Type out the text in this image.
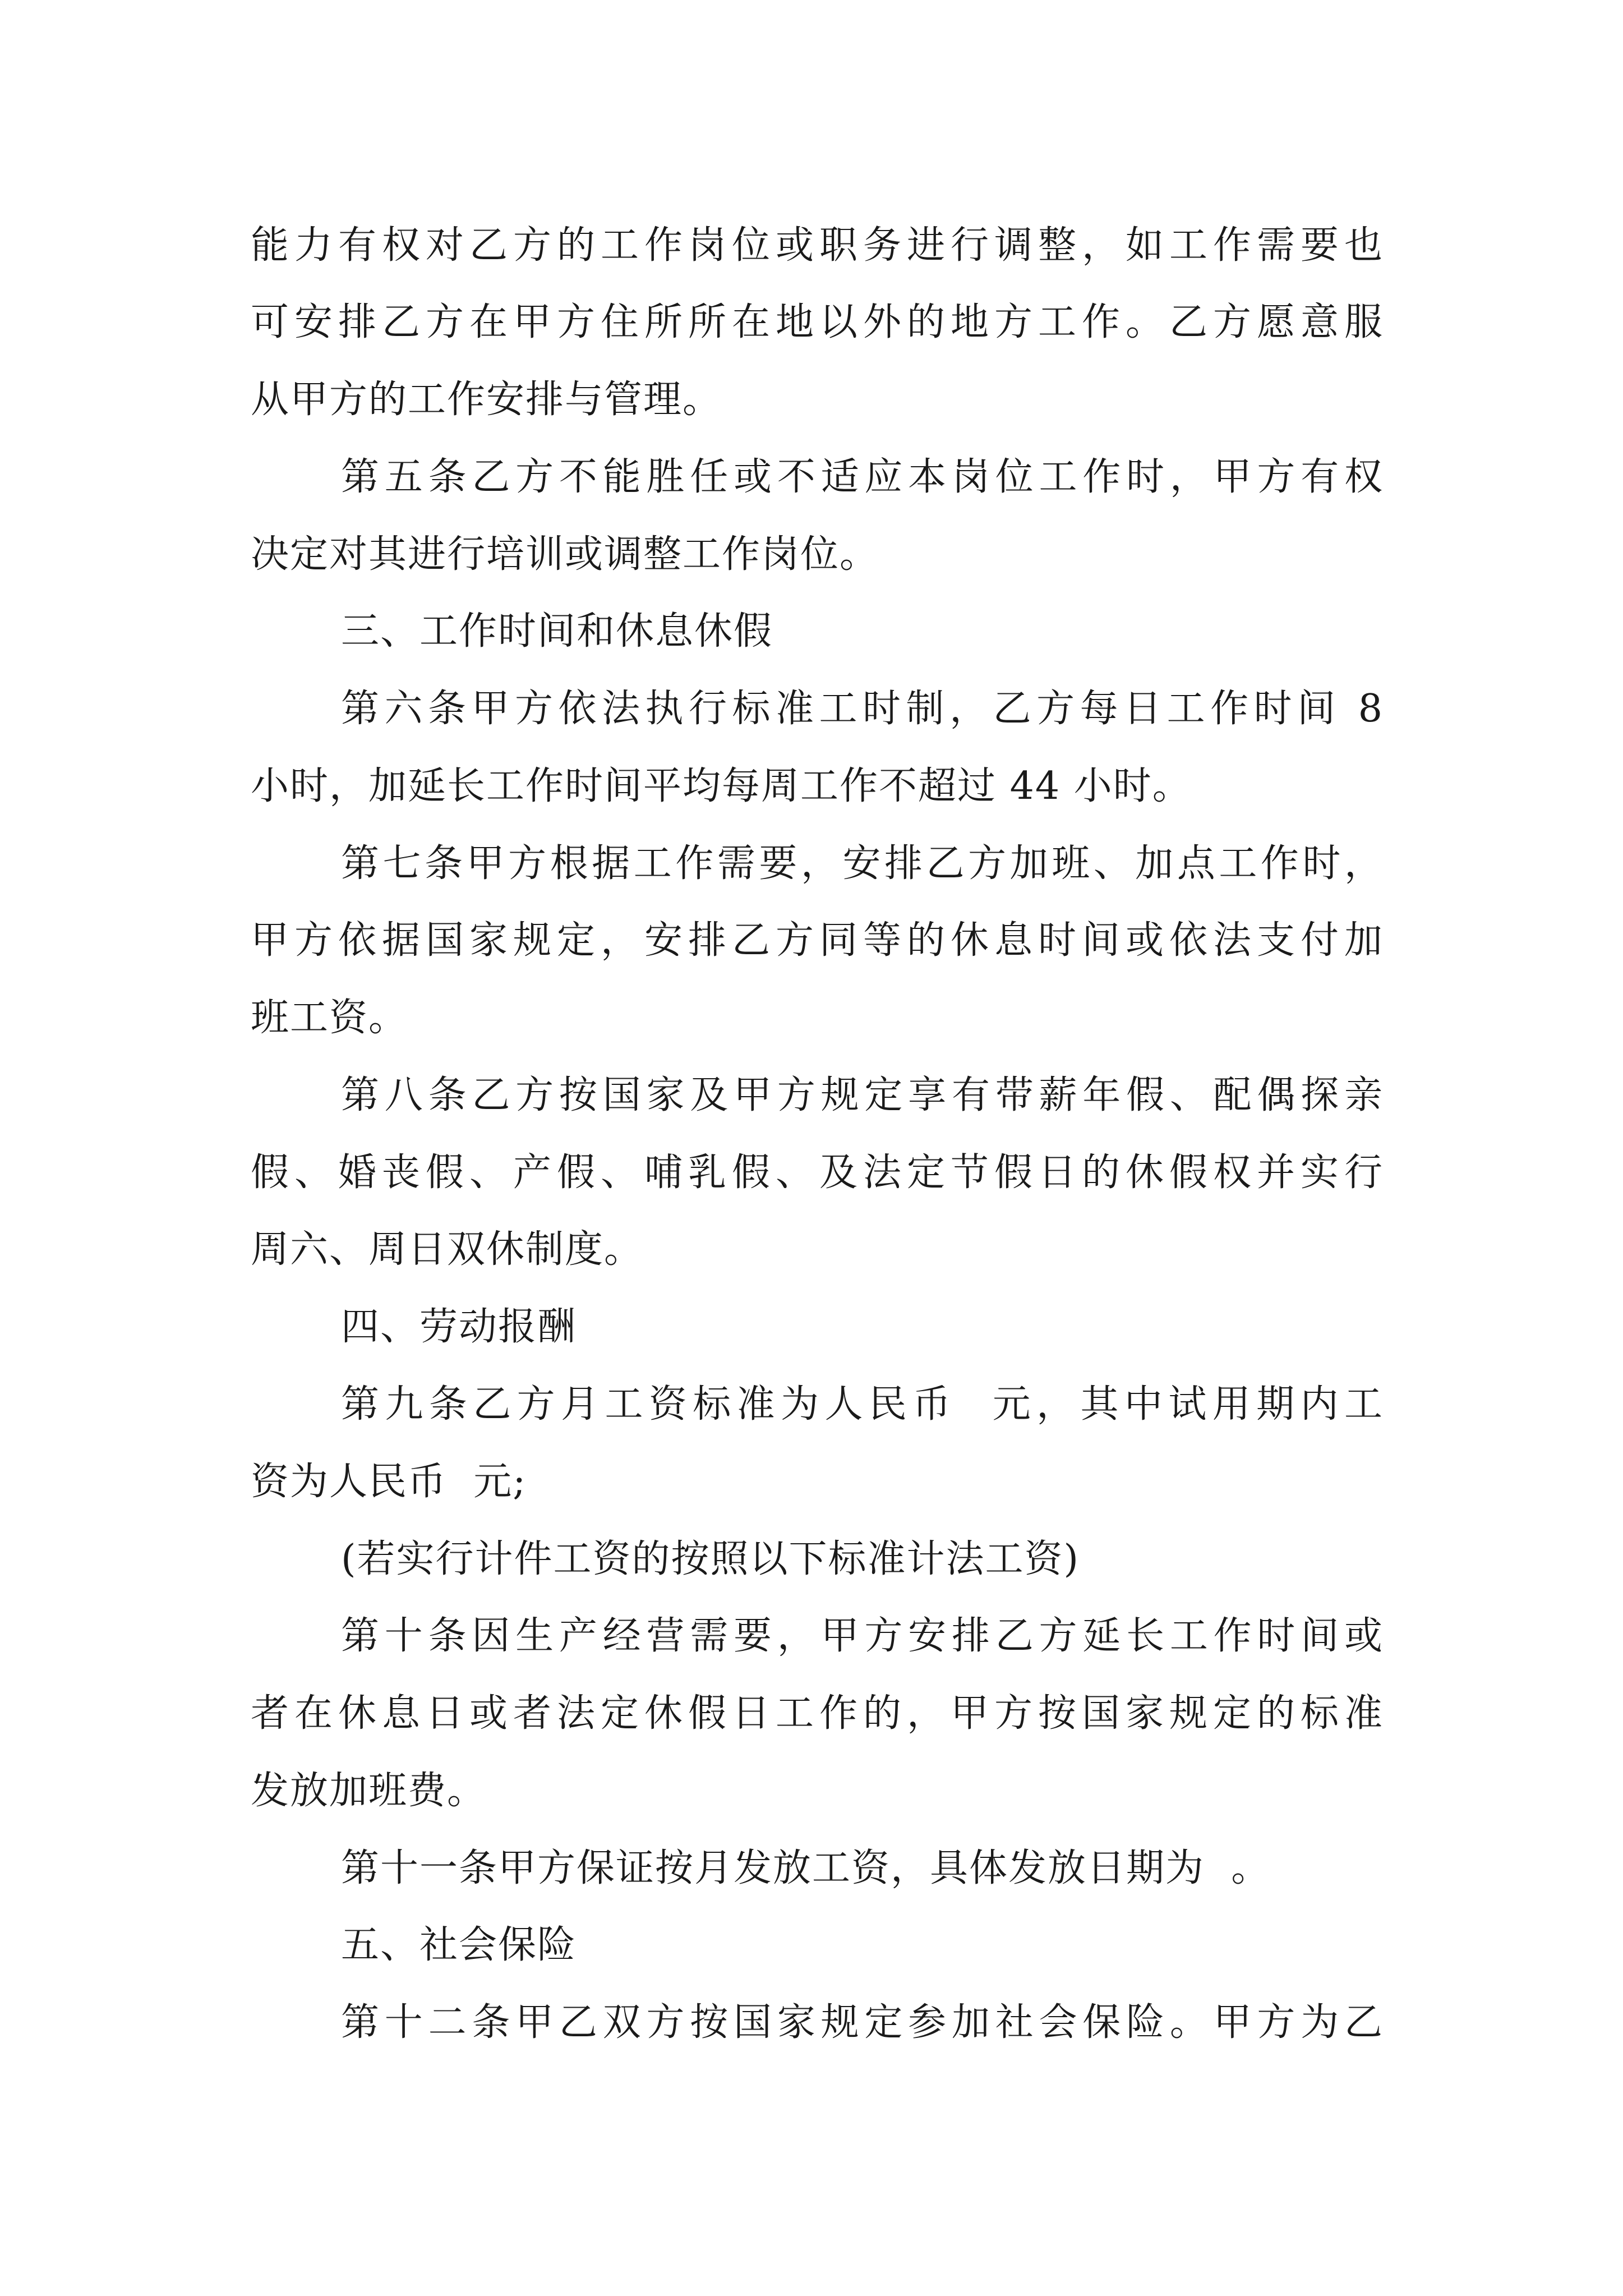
能力有权对乙方的工作岗位或职务进行调整，如工作需要也
可安排乙方在甲方住所所在地以外的地方工作。乙方愿意服
从甲方的工作安排与管理。
第五条乙方不能胜任或不适应本岗位工作时，甲方有权
决定对其进行培训或调整工作岗位。
三、工作时间和休息休假
第六条甲方依法执行标准工时制，乙方每日工作时间 8
小时，加延长工作时间平均每周工作不超过 44 小时。
第七条甲方根据工作需要，安排乙方加班、加点工作时，
甲方依据国家规定，安排乙方同等的休息时间或依法支付加
班工资。
第八条乙方按国家及甲方规定享有带薪年假、配偶探亲
假、婚丧假、产假、哺乳假、及法定节假日的休假权并实行
周六、周日双休制度。
四、劳动报酬
第九条乙方月工资标准为人民币  元，其中试用期内工
资为人民币  元;
(若实行计件工资的按照以下标准计法工资)
第十条因生产经营需要，甲方安排乙方延长工作时间或
者在休息日或者法定休假日工作的，甲方按国家规定的标准
发放加班费。
第十一条甲方保证按月发放工资，具体发放日期为  。
五、社会保险
第十二条甲乙双方按国家规定参加社会保险。甲方为乙
